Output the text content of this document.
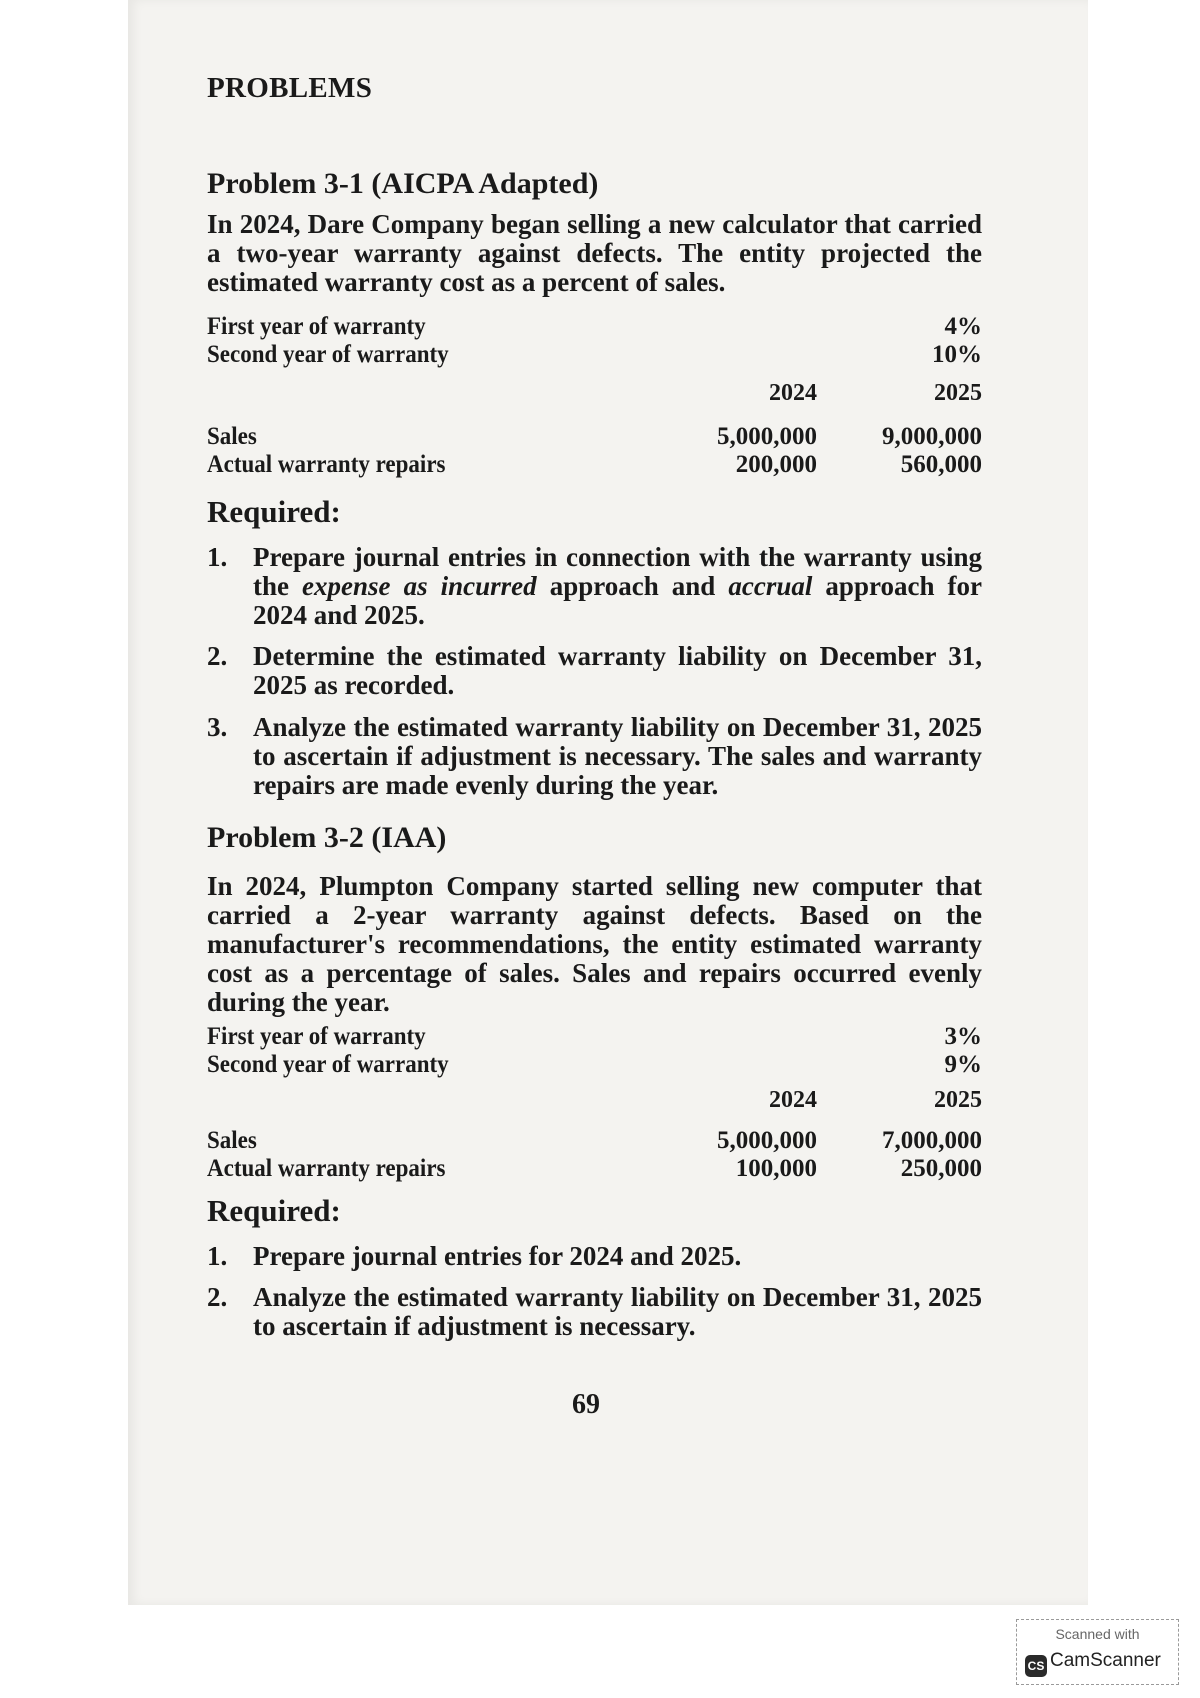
PROBLEMS
Problem 3-1 (AICPA Adapted)
In 2024, Dare Company began selling a new calculator that carried a two-year warranty against defects. The entity projected the estimated warranty cost as a percent of sales.
First year of warranty	4%
Second year of warranty	10%
2024	2025
Sales	5,000,000	9,000,000
Actual warranty repairs	200,000	560,000
Required:
1. Prepare journal entries in connection with the warranty using the expense as incurred approach and accrual approach for 2024 and 2025.
2. Determine the estimated warranty liability on December 31, 2025 as recorded.
3. Analyze the estimated warranty liability on December 31, 2025 to ascertain if adjustment is necessary. The sales and warranty repairs are made evenly during the year.
Problem 3-2 (IAA)
In 2024, Plumpton Company started selling new computer that carried a 2-year warranty against defects. Based on the manufacturer's recommendations, the entity estimated warranty cost as a percentage of sales. Sales and repairs occurred evenly during the year.
First year of warranty	3%
Second year of warranty	9%
2024	2025
Sales	5,000,000	7,000,000
Actual warranty repairs	100,000	250,000
Required:
1. Prepare journal entries for 2024 and 2025.
2. Analyze the estimated warranty liability on December 31, 2025 to ascertain if adjustment is necessary.
69
Scanned with
CS CamScanner
